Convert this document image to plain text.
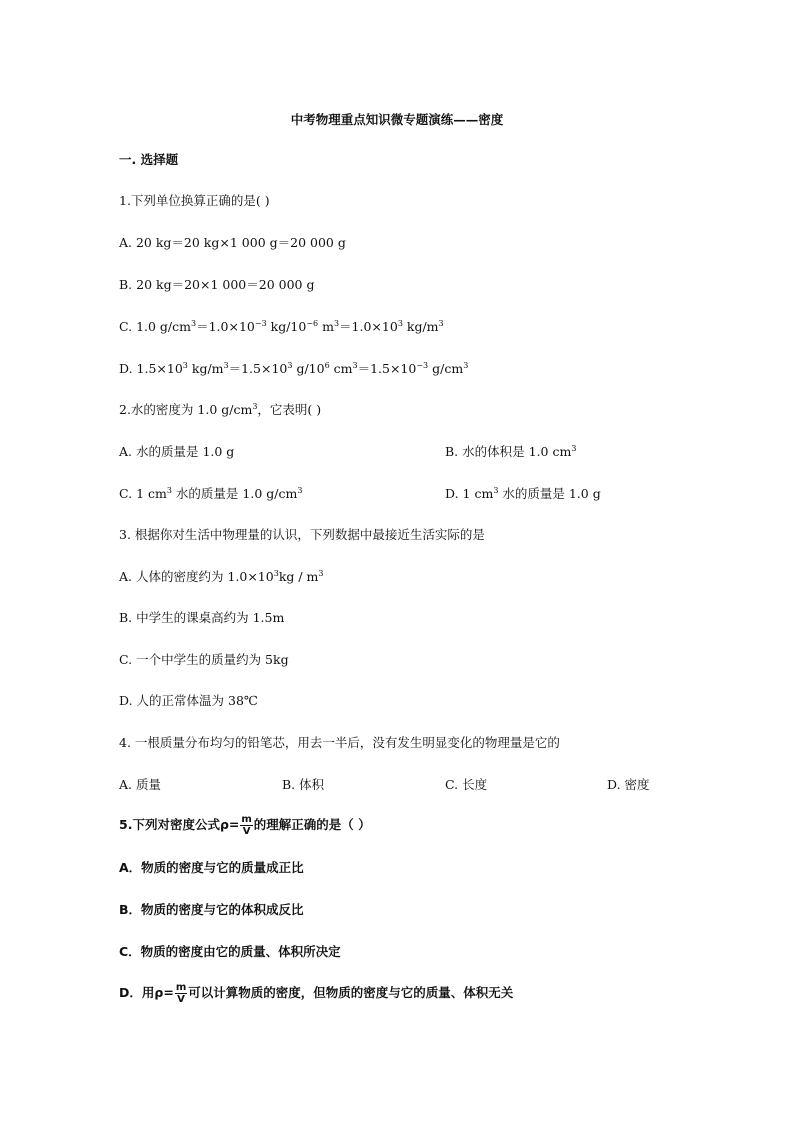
中考物理重点知识微专题演练——密度
一. 选择题
1.下列单位换算正确的是( )
A. 20 kg＝20 kg×1 000 g＝20 000 g
B. 20 kg＝20×1 000＝20 000 g
C. 1.0 $g/cm^3=1.0\times 10^{-3}$ $kg/10^{-6}$ $m^3=1.0\times 10^3$ $kg/m^3$
D. $1.5\times 10^3$ $kg/m^3=1.5\times 10^3$ $g/10^6$ $cm^3=1.5\times 10^{-3}$ $g/cm^3$
2.水的密度为 1.0 $g/cm^3$，它表明( )
A. 水的质量是 1.0 g	B. 水的体积是 1.0 $cm^3$
C. 1 $cm^3$ 水的质量是 1.0 $g/cm^3$	D. 1 $cm^3$ 水的质量是 1.0 g
3. 根据你对生活中物理量的认识，下列数据中最接近生活实际的是
A. 人体的密度约为 $1.0\times 10^3kg / m^3$
B. 中学生的课桌高约为 1.5m
C. 一个中学生的质量约为 5kg
D. 人的正常体温为 38℃
4. 一根质量分布均匀的铅笔芯，用去一半后，没有发生明显变化的物理量是它的
A. 质量	B. 体积	C. 长度	D. 密度
5.下列对密度公式$\rho= \frac{m}{V}$ 的理解正确的是（ ）
A．物质的密度与它的质量成正比
B．物质的密度与它的体积成反比
C．物质的密度由它的质量、体积所决定
D．用$\rho= \frac{m}{V}$ 可以计算物质的密度，但物质的密度与它的质量、体积无关
